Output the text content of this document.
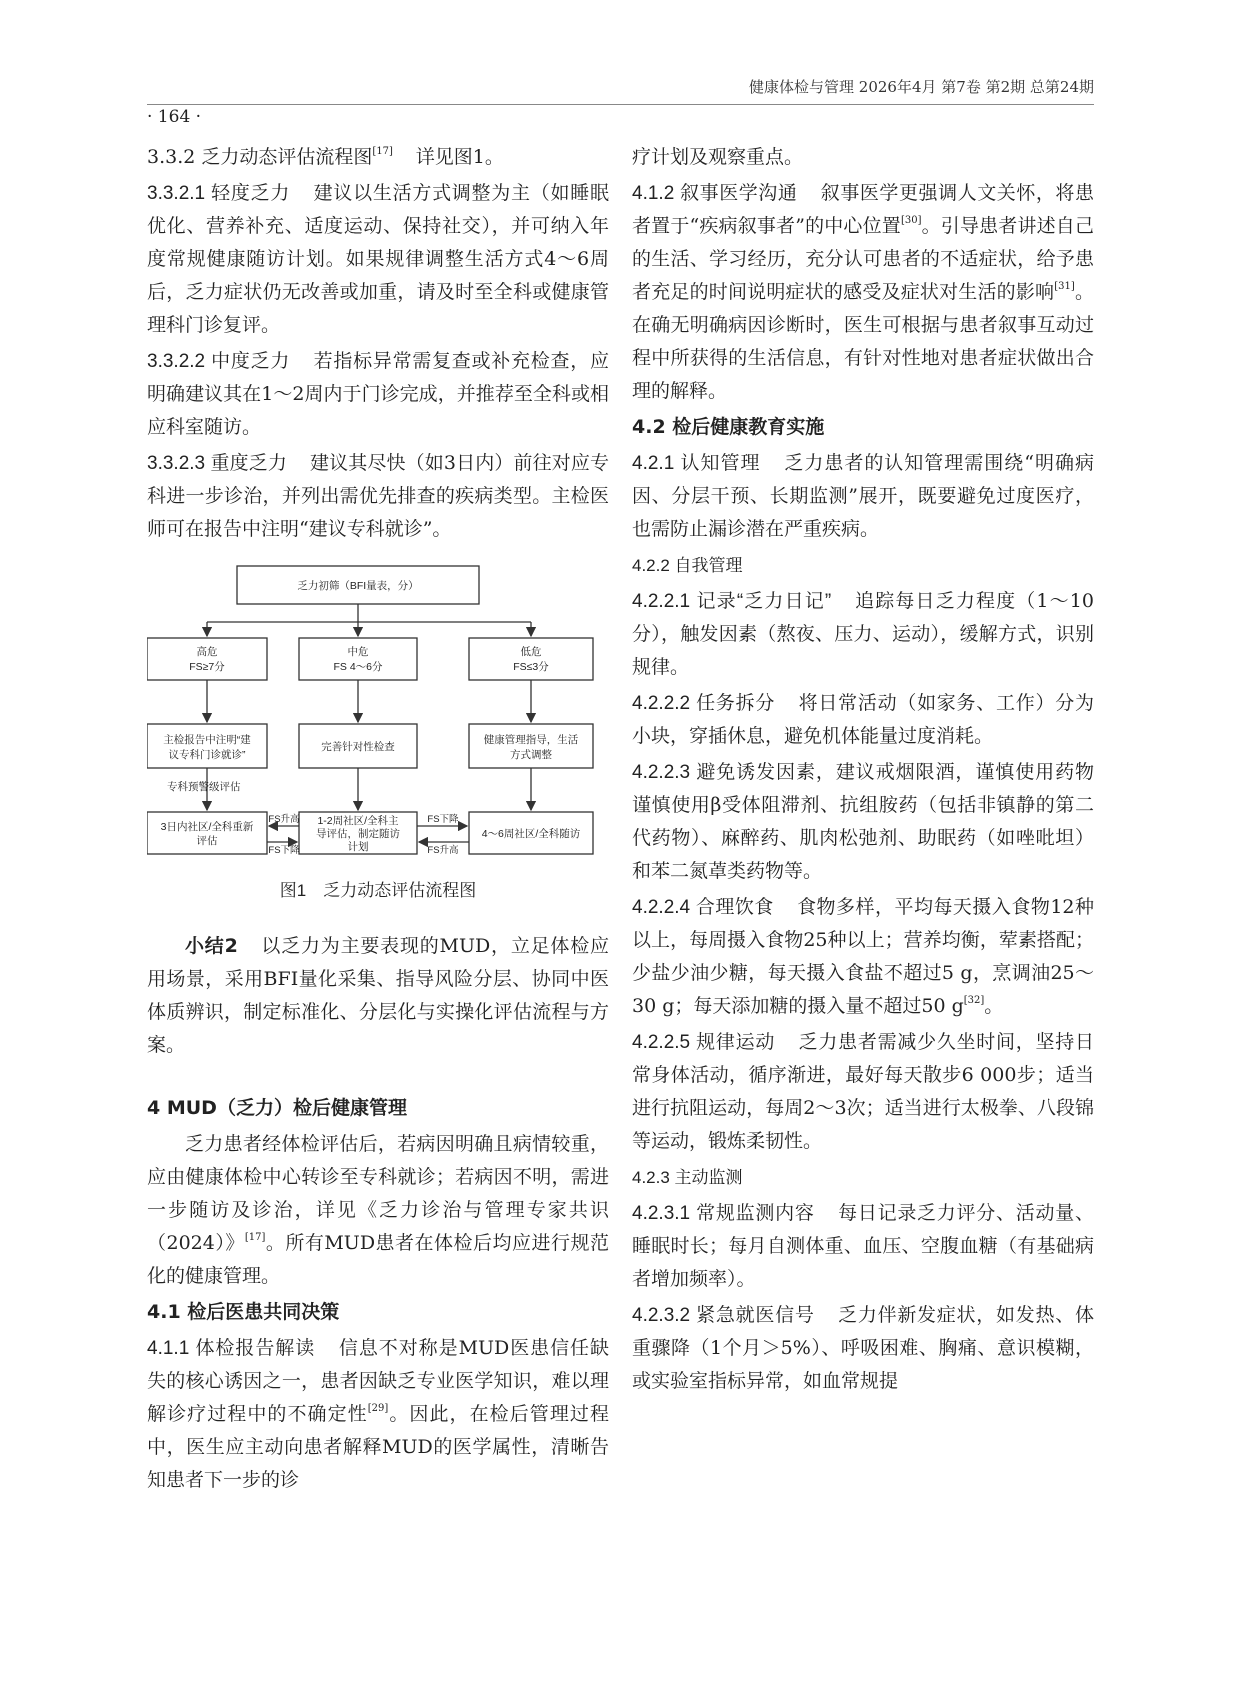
健康体检与管理 2026年4月 第7卷 第2期 总第24期
· 164 ·

3.3.2 乏力动态评估流程图[17] 详见图1。

3.3.2.1 轻度乏力 建议以生活方式调整为主（如睡眠优化、营养补充、适度运动、保持社交），并可纳入年度常规健康随访计划。如果规律调整生活方式4～6周后，乏力症状仍无改善或加重，请及时至全科或健康管理科门诊复评。

3.3.2.2 中度乏力 若指标异常需复查或补充检查，应明确建议其在1～2周内于门诊完成，并推荐至全科或相应科室随访。

3.3.2.3 重度乏力 建议其尽快（如3日内）前往对应专科进一步诊治，并列出需优先排查的疾病类型。主检医师可在报告中注明“建议专科就诊”。

乏力初筛（BFI量表，分）
高危
FS≥7分
中危
FS 4～6分
低危
FS≤3分
主检报告中注明“建
议专科门诊就诊”
完善针对性检查
健康管理指导，生活
方式调整
专科预警级评估
3日内社区/全科重新
评估
1-2周社区/全科主
导评估，制定随访
计划
4～6周社区/全科随访
FS升高
FS下降
FS下降
FS升高
图1　乏力动态评估流程图

小结2 以乏力为主要表现的MUD，立足体检应用场景，采用BFI量化采集、指导风险分层、协同中医体质辨识，制定标准化、分层化与实操化评估流程与方案。

4 MUD（乏力）检后健康管理

乏力患者经体检评估后，若病因明确且病情较重，应由健康体检中心转诊至专科就诊；若病因不明，需进一步随访及诊治，详见《乏力诊治与管理专家共识（2024）》[17]。所有MUD患者在体检后均应进行规范化的健康管理。

4.1 检后医患共同决策

4.1.1 体检报告解读 信息不对称是MUD医患信任缺失的核心诱因之一，患者因缺乏专业医学知识，难以理解诊疗过程中的不确定性[29]。因此，在检后管理过程中，医生应主动向患者解释MUD的医学属性，清晰告知患者下一步的诊

疗计划及观察重点。

4.1.2 叙事医学沟通 叙事医学更强调人文关怀，将患者置于“疾病叙事者”的中心位置[30]。引导患者讲述自己的生活、学习经历，充分认可患者的不适症状，给予患者充足的时间说明症状的感受及症状对生活的影响[31]。在确无明确病因诊断时，医生可根据与患者叙事互动过程中所获得的生活信息，有针对性地对患者症状做出合理的解释。

4.2 检后健康教育实施

4.2.1 认知管理 乏力患者的认知管理需围绕“明确病因、分层干预、长期监测”展开，既要避免过度医疗，也需防止漏诊潜在严重疾病。

4.2.2 自我管理

4.2.2.1 记录“乏力日记” 追踪每日乏力程度（1～10分），触发因素（熬夜、压力、运动），缓解方式，识别规律。

4.2.2.2 任务拆分 将日常活动（如家务、工作）分为小块，穿插休息，避免机体能量过度消耗。

4.2.2.3 避免诱发因素，建议戒烟限酒，谨慎使用药物　谨慎使用β受体阻滞剂、抗组胺药（包括非镇静的第二代药物）、麻醉药、肌肉松弛剂、助眠药（如唑吡坦）和苯二氮䓬类药物等。

4.2.2.4 合理饮食 食物多样，平均每天摄入食物12种以上，每周摄入食物25种以上；营养均衡，荤素搭配；少盐少油少糖，每天摄入食盐不超过5 g，烹调油25～30 g；每天添加糖的摄入量不超过50 g[32]。

4.2.2.5 规律运动 乏力患者需减少久坐时间，坚持日常身体活动，循序渐进，最好每天散步6 000步；适当进行抗阻运动，每周2～3次；适当进行太极拳、八段锦等运动，锻炼柔韧性。

4.2.3 主动监测

4.2.3.1 常规监测内容 每日记录乏力评分、活动量、睡眠时长；每月自测体重、血压、空腹血糖（有基础病者增加频率）。

4.2.3.2 紧急就医信号 乏力伴新发症状，如发热、体重骤降（1个月＞5%）、呼吸困难、胸痛、意识模糊，或实验室指标异常，如血常规提
